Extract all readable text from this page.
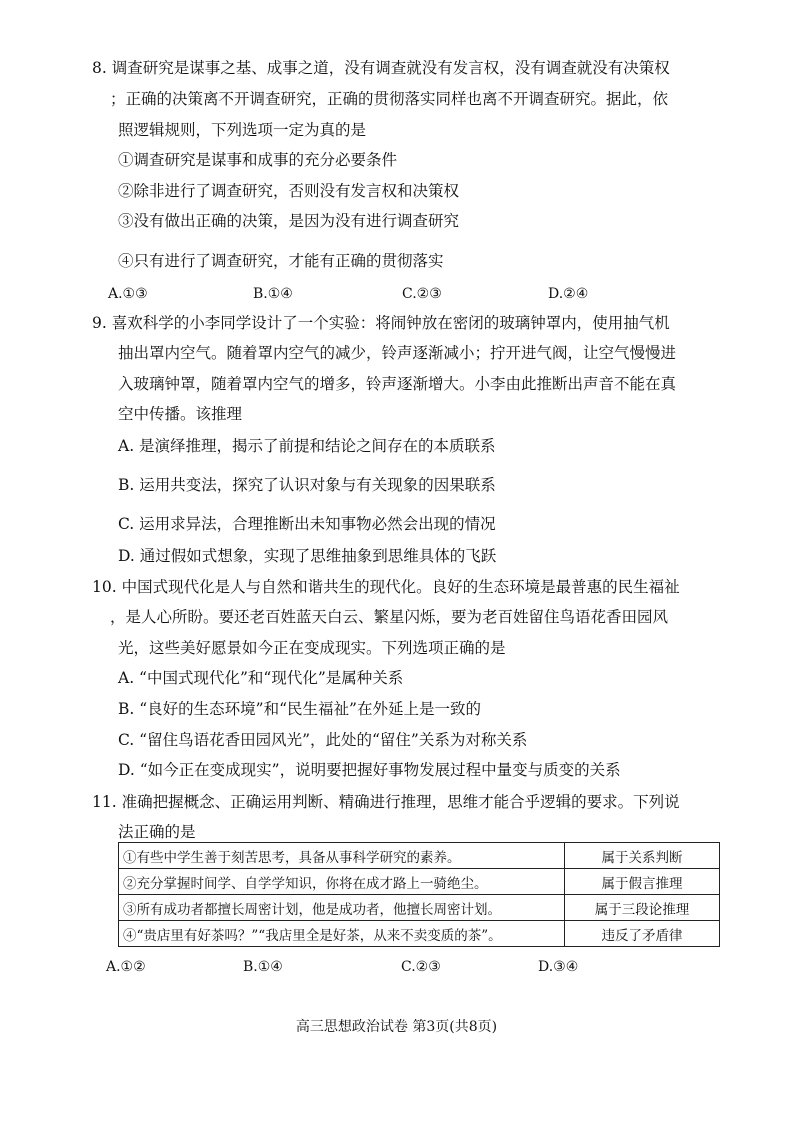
8. 调查研究是谋事之基、成事之道，没有调查就没有发言权，没有调查就没有决策权
；正确的决策离不开调查研究，正确的贯彻落实同样也离不开调查研究。据此，依
照逻辑规则，下列选项一定为真的是
①调查研究是谋事和成事的充分必要条件
②除非进行了调查研究，否则没有发言权和决策权
③没有做出正确的决策，是因为没有进行调查研究
④只有进行了调查研究，才能有正确的贯彻落实
A.①③	B.①④	C.②③	D.②④
9. 喜欢科学的小李同学设计了一个实验：将闹钟放在密闭的玻璃钟罩内，使用抽气机
抽出罩内空气。随着罩内空气的减少，铃声逐渐减小；拧开进气阀，让空气慢慢进
入玻璃钟罩，随着罩内空气的增多，铃声逐渐增大。小李由此推断出声音不能在真
空中传播。该推理
A. 是演绎推理，揭示了前提和结论之间存在的本质联系
B. 运用共变法，探究了认识对象与有关现象的因果联系
C. 运用求异法，合理推断出未知事物必然会出现的情况
D. 通过假如式想象，实现了思维抽象到思维具体的飞跃
10. 中国式现代化是人与自然和谐共生的现代化。良好的生态环境是最普惠的民生福祉
，是人心所盼。要还老百姓蓝天白云、繁星闪烁，要为老百姓留住鸟语花香田园风
光，这些美好愿景如今正在变成现实。下列选项正确的是
A. “中国式现代化”和“现代化”是属种关系
B. “良好的生态环境”和“民生福祉”在外延上是一致的
C. “留住鸟语花香田园风光”，此处的“留住”关系为对称关系
D. “如今正在变成现实”，说明要把握好事物发展过程中量变与质变的关系
11. 准确把握概念、正确运用判断、精确进行推理，思维才能合乎逻辑的要求。下列说
法正确的是
①有些中学生善于刻苦思考，具备从事科学研究的素养。	属于关系判断
②充分掌握时间学、自学学知识，你将在成才路上一骑绝尘。	属于假言推理
③所有成功者都擅长周密计划，他是成功者，他擅长周密计划。	属于三段论推理
④“贵店里有好茶吗？”“我店里全是好茶，从来不卖变质的茶”。	违反了矛盾律
A.①②	B.①④	C.②③	D.③④
高三思想政治试卷 第3页(共8页)
